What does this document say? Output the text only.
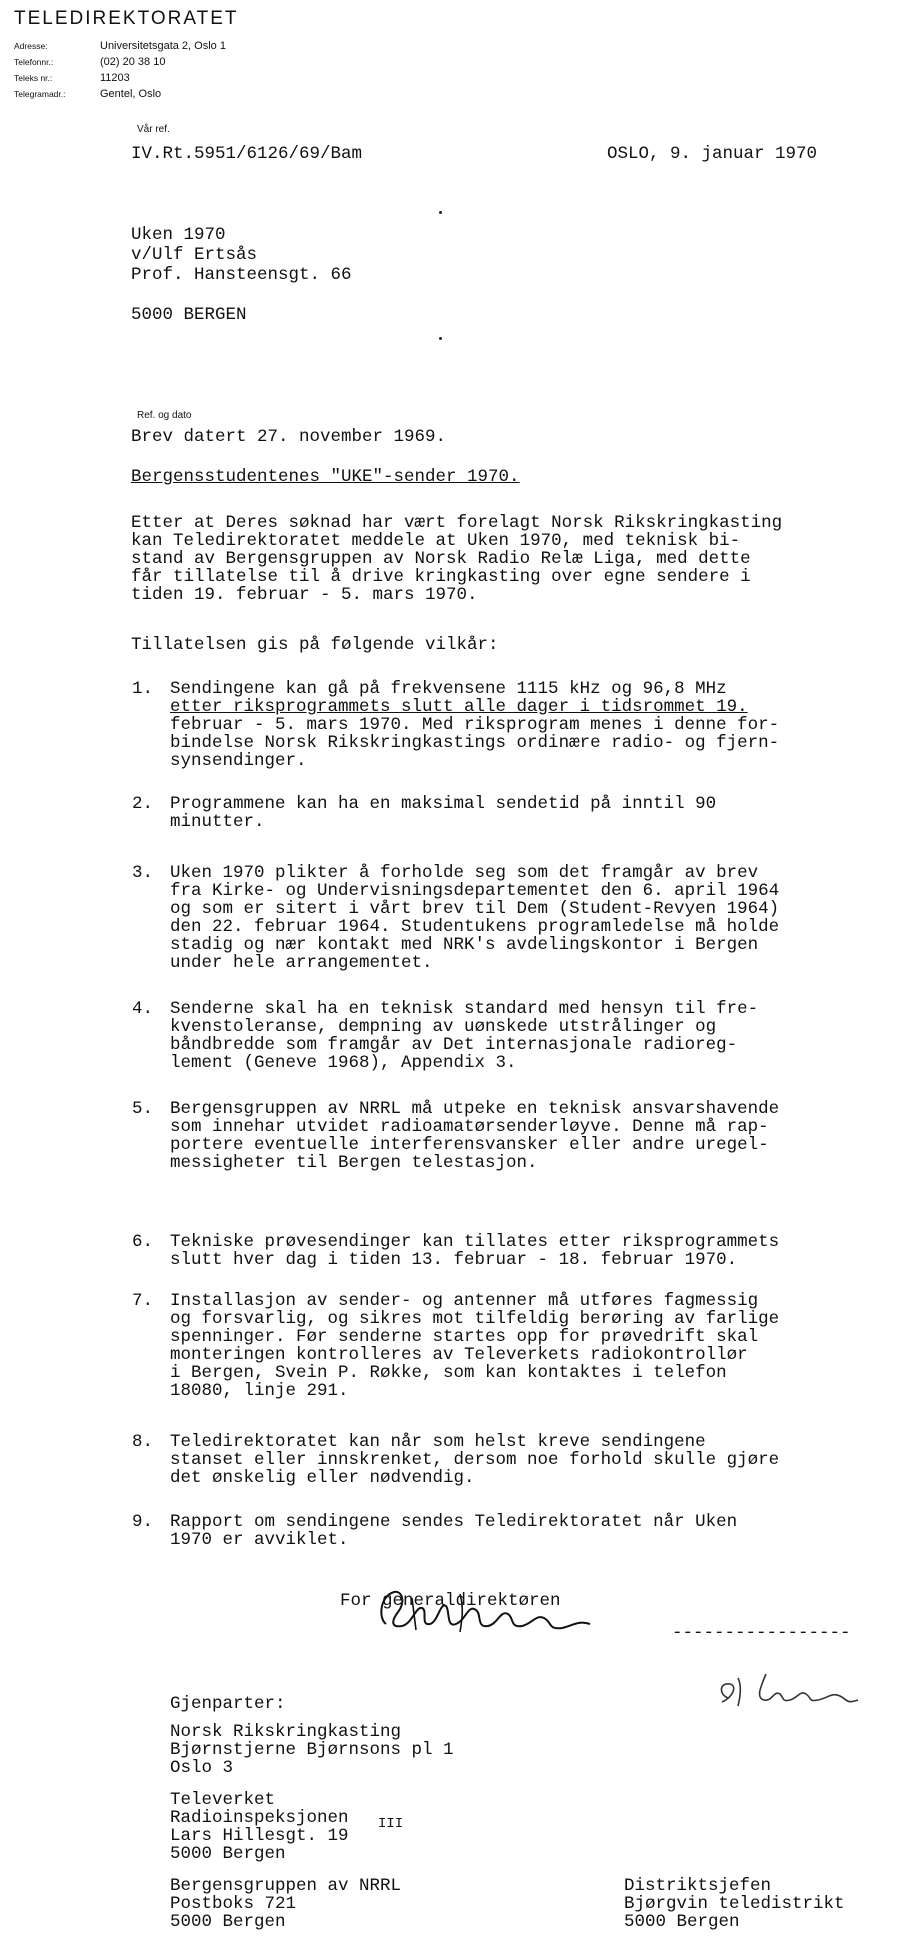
TELEDIREKTORATET
Adresse:	Universitetsgata 2, Oslo 1
Telefonnr.:	(02) 20 38 10
Teleks nr.:	11203
Telegramadr.:	Gentel, Oslo
Vår ref.
IV.Rt.5951/6126/69/Bam	OSLO, 9. januar 1970
Uken 1970
v/Ulf Ertsås
Prof. Hansteensgt. 66
5000 BERGEN
Ref. og dato
Brev datert 27. november 1969.
Bergensstudentenes "UKE"-sender 1970.
Etter at Deres søknad har vært forelagt Norsk Rikskringkasting
kan Teledirektoratet meddele at Uken 1970, med teknisk bi-
stand av Bergensgruppen av Norsk Radio Relæ Liga, med dette
får tillatelse til å drive kringkasting over egne sendere i
tiden 19. februar - 5. mars 1970.
Tillatelsen gis på følgende vilkår:

1.

Sendingene kan gå på frekvensene 1115 kHz og 96,8 MHz

etter riksprogrammets slutt alle dager i tidsrommet 19.

februar - 5. mars 1970. Med riksprogram menes i denne for-

bindelse Norsk Rikskringkastings ordinære radio- og fjern-

synsendinger.

2.

Programmene kan ha en maksimal sendetid på inntil 90

minutter.

3.

Uken 1970 plikter å forholde seg som det framgår av brev

fra Kirke- og Undervisningsdepartementet den 6. april 1964

og som er sitert i vårt brev til Dem (Student-Revyen 1964)

den 22. februar 1964. Studentukens programledelse må holde

stadig og nær kontakt med NRK's avdelingskontor i Bergen

under hele arrangementet.

4.

Senderne skal ha en teknisk standard med hensyn til fre-

kvenstoleranse, dempning av uønskede utstrålinger og

båndbredde som framgår av Det internasjonale radioreg-

lement (Geneve 1968), Appendix 3.

5.

Bergensgruppen av NRRL må utpeke en teknisk ansvarshavende

som innehar utvidet radioamatørsenderløyve. Denne må rap-

portere eventuelle interferensvansker eller andre uregel-

messigheter til Bergen telestasjon.

6.

Tekniske prøvesendinger kan tillates etter riksprogrammets

slutt hver dag i tiden 13. februar - 18. februar 1970.

7.

Installasjon av sender- og antenner må utføres fagmessig

og forsvarlig, og sikres mot tilfeldig berøring av farlige

spenninger. Før senderne startes opp for prøvedrift skal

monteringen kontrolleres av Televerkets radiokontrollør

i Bergen, Svein P. Røkke, som kan kontaktes i telefon

18080, linje 291.

8.

Teledirektoratet kan når som helst kreve sendingene

stanset eller innskrenket, dersom noe forhold skulle gjøre

det ønskelig eller nødvendig.

9.

Rapport om sendingene sendes Teledirektoratet når Uken

1970 er avviklet.

For generaldirektøren
-----------------
Gjenparter:
Norsk Rikskringkasting
Bjørnstjerne Bjørnsons pl 1
Oslo 3
Televerket
Radioinspeksjonen
Lars Hillesgt. 19
III
5000 Bergen
Bergensgruppen av NRRL
Postboks 721
5000 Bergen
Distriktsjefen
Bjørgvin teledistrikt
5000 Bergen
